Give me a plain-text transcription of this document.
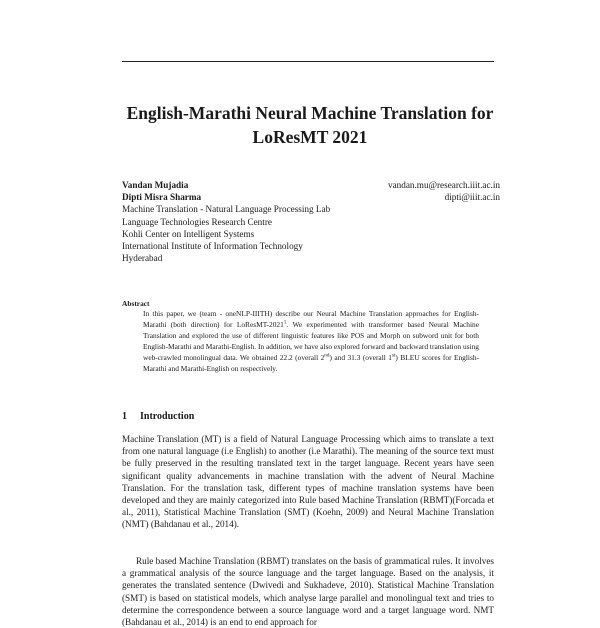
English-Marathi Neural Machine Translation for
LoResMT 2021
Vandan Mujadia
Dipti Misra Sharma
Machine Translation - Natural Language Processing Lab
Language Technologies Research Centre
Kohli Center on Intelligent Systems
International Institute of Information Technology
Hyderabad
vandan.mu@research.iiit.ac.in
dipti@iiit.ac.in
Abstract
In this paper, we (team - oneNLP-IIITH) describe our Neural Machine Translation approaches for English-Marathi (both direction) for LoResMT-2021$^1$. We experimented with transformer based Neural Machine Translation and explored the use of different linguistic features like POS and Morph on subword unit for both English-Marathi and Marathi-English. In addition, we have also explored forward and backward translation using web-crawled monolingual data. We obtained 22.2 (overall 2nd) and 31.3 (overall 1st) BLEU scores for English-Marathi and Marathi-English on respectively.
1 Introduction
Machine Translation (MT) is a field of Natural Language Processing which aims to translate a text from one natural language (i.e English) to another (i.e Marathi). The meaning of the source text must be fully preserved in the resulting translated text in the target language. Recent years have seen significant quality advancements in machine translation with the advent of Neural Machine Translation. For the translation task, different types of machine translation systems have been developed and they are mainly categorized into Rule based Machine Translation (RBMT)(Forcada et al., 2011), Statistical Machine Translation (SMT) (Koehn, 2009) and Neural Machine Translation (NMT) (Bahdanau et al., 2014).
Rule based Machine Translation (RBMT) translates on the basis of grammatical rules. It involves a grammatical analysis of the source language and the target language. Based on the analysis, it generates the translated sentence (Dwivedi and Sukhadeve, 2010). Statistical Machine Translation (SMT) is based on statistical models, which analyse large parallel and monolingual text and tries to determine the correspondence between a source language word and a target language word. NMT (Bahdanau et al., 2014) is an end to end approach for
